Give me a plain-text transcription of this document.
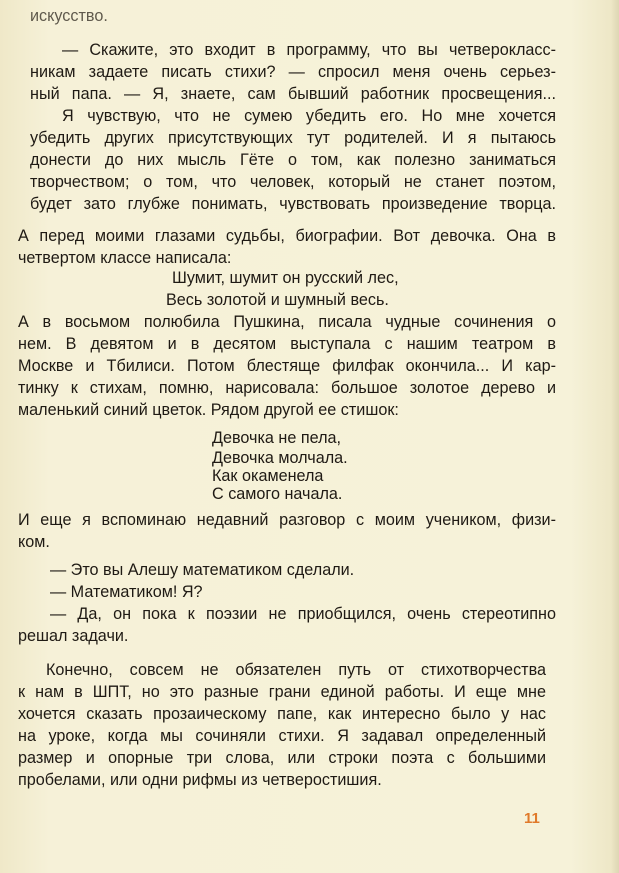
искусство.
— Скажите, это входит в программу, что вы четверокласс-
никам задаете писать стихи? — спросил меня очень серьез-
ный папа. — Я, знаете, сам бывший работник просвещения...
Я чувствую, что не сумею убедить его. Но мне хочется
убедить других присутствующих тут родителей. И я пытаюсь
донести до них мысль Гёте о том, как полезно заниматься
творчеством; о том, что человек, который не станет поэтом,
будет зато глубже понимать, чувствовать произведение творца.
А перед моими глазами судьбы, биографии. Вот девочка. Она в
четвертом классе написала:
Шумит, шумит он русский лес,
Весь золотой и шумный весь.
А в восьмом полюбила Пушкина, писала чудные сочинения о
нем. В девятом и в десятом выступала с нашим театром в
Москве и Тбилиси. Потом блестяще филфак окончила... И кар-
тинку к стихам, помню, нарисовала: большое золотое дерево и
маленький синий цветок. Рядом другой ее стишок:
Девочка не пела,
Девочка молчала.
Как окаменела
С самого начала.
И еще я вспоминаю недавний разговор с моим учеником, физи-
ком.
— Это вы Алешу математиком сделали.
— Математиком! Я?
— Да, он пока к поэзии не приобщился, очень стереотипно
решал задачи.
Конечно, совсем не обязателен путь от стихотворчества
к нам в ШПТ, но это разные грани единой работы. И еще мне
хочется сказать прозаическому папе, как интересно было у нас
на уроке, когда мы сочиняли стихи. Я задавал определенный
размер и опорные три слова, или строки поэта с большими
пробелами, или одни рифмы из четверостишия.
11
